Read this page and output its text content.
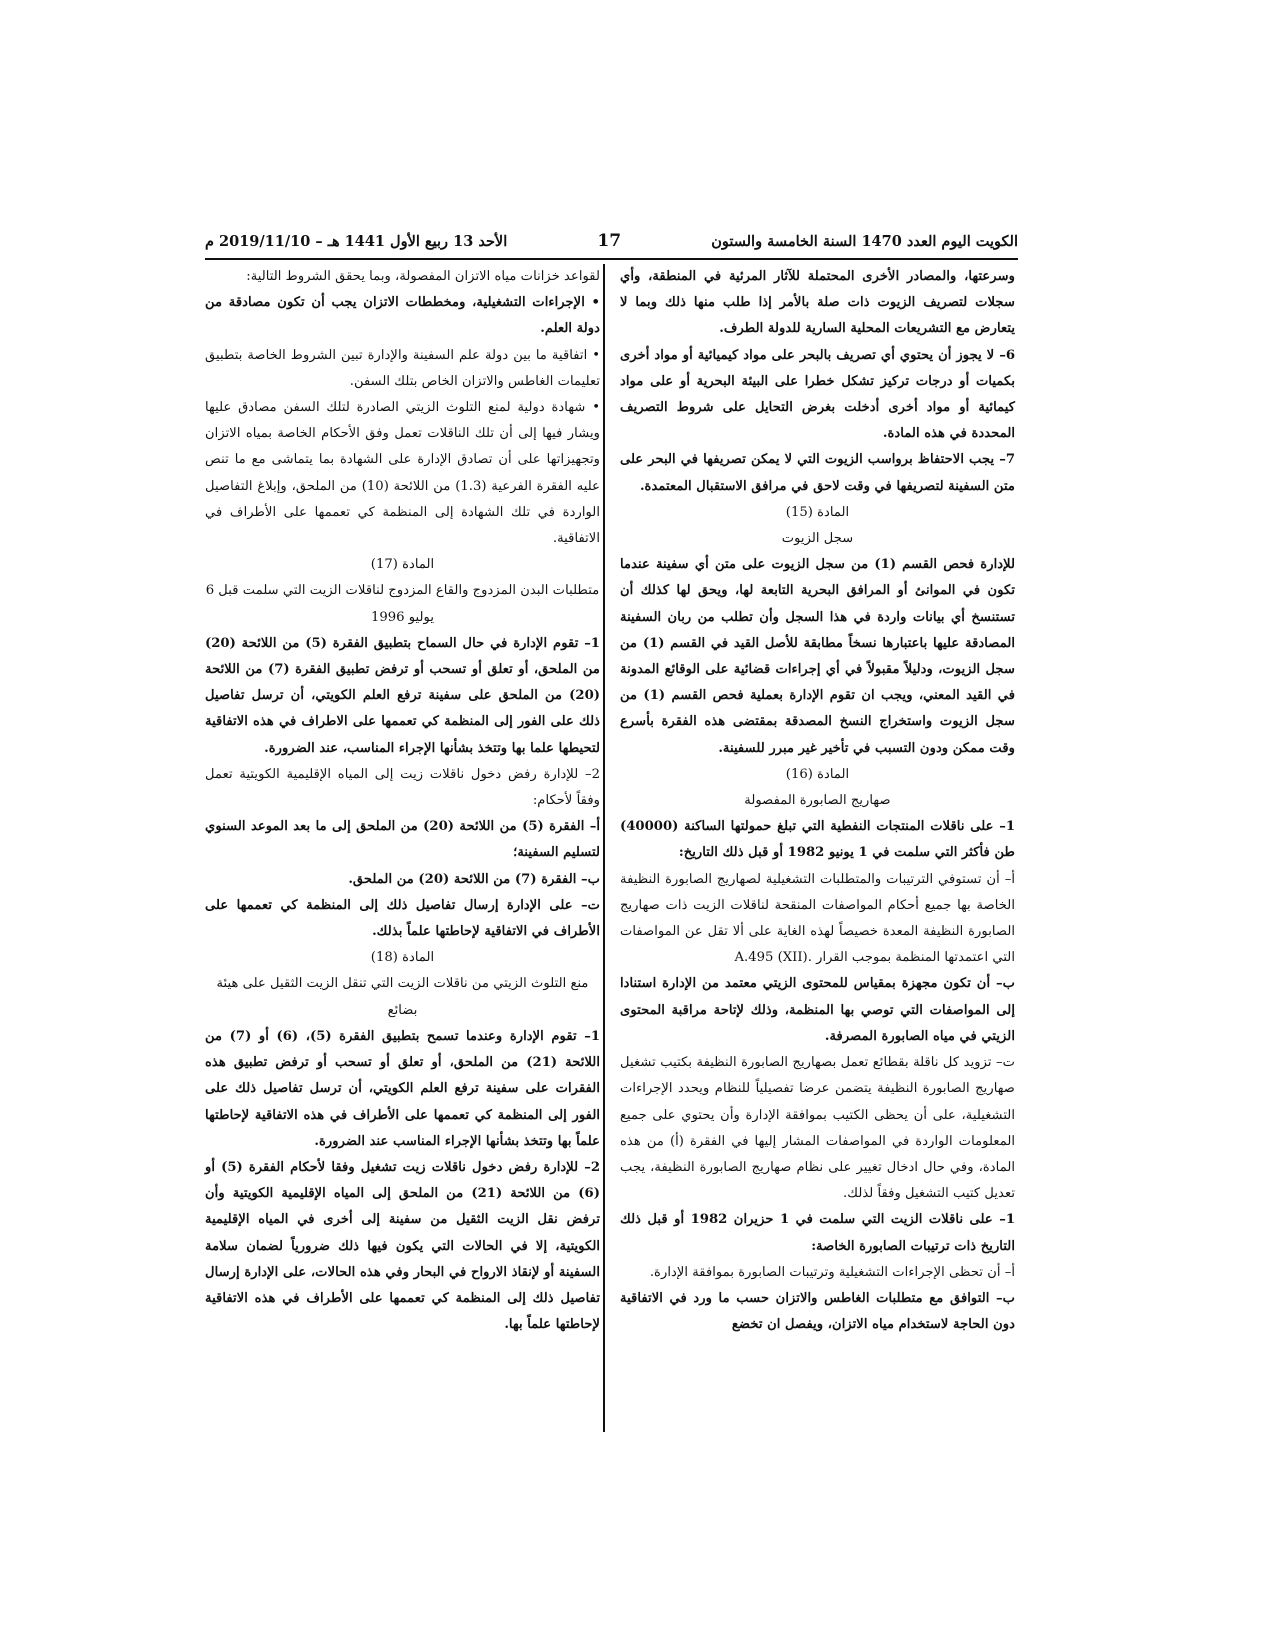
الكويت اليوم العدد 1470 السنة الخامسة والستون
17
الأحد 13 ربيع الأول 1441 هـ – 2019/11/10 م

وسرعتها، والمصادر الأخرى المحتملة للآثار المرئية في المنطقة، وأي سجلات لتصريف الزيوت ذات صلة بالأمر إذا طلب منها ذلك وبما لا يتعارض مع التشريعات المحلية السارية للدولة الطرف.

6– لا يجوز أن يحتوي أي تصريف بالبحر على مواد كيميائية أو مواد أخرى بكميات أو درجات تركيز تشكل خطرا على البيئة البحرية أو على مواد كيمائية أو مواد أخرى أدخلت بغرض التحايل على شروط التصريف المحددة في هذه المادة.

7– يجب الاحتفاظ برواسب الزيوت التي لا يمكن تصريفها في البحر على متن السفينة لتصريفها في وقت لاحق في مرافق الاستقبال المعتمدة.

المادة (15)

سجل الزيوت

للإدارة فحص القسم (1) من سجل الزيوت على متن أي سفينة عندما تكون في الموانئ أو المرافق البحرية التابعة لها، ويحق لها كذلك أن تستنسخ أي بيانات واردة في هذا السجل وأن تطلب من ربان السفينة المصادقة عليها باعتبارها نسخاً مطابقة للأصل القيد في القسم (1) من سجل الزيوت، ودليلاً مقبولاً في أي إجراءات قضائية على الوقائع المدونة في القيد المعني، ويجب ان تقوم الإدارة بعملية فحص القسم (1) من سجل الزيوت واستخراج النسخ المصدقة بمقتضى هذه الفقرة بأسرع وقت ممكن ودون التسبب في تأخير غير مبرر للسفينة.

المادة (16)

صهاريج الصابورة المفصولة

1– على ناقلات المنتجات النفطية التي تبلغ حمولتها الساكنة (40000) طن فأكثر التي سلمت في 1 يونيو 1982 أو قبل ذلك التاريخ:

أ– أن تستوفي الترتيبات والمتطلبات التشغيلية لصهاريج الصابورة النظيفة الخاصة بها جميع أحكام المواصفات المنقحة لناقلات الزيت ذات صهاريج الصابورة النظيفة المعدة خصيصاً لهذه الغاية على ألا تقل عن المواصفات التي اعتمدتها المنظمة بموجب القرار .A.495 (XII)

ب– أن تكون مجهزة بمقياس للمحتوى الزيتي معتمد من الإدارة استنادا إلى المواصفات التي توصي بها المنظمة، وذلك لإتاحة مراقبة المحتوى الزيتي في مياه الصابورة المصرفة.

ت– تزويد كل ناقلة بقطائع تعمل بصهاريج الصابورة النظيفة بكتيب تشغيل صهاريج الصابورة النظيفة يتضمن عرضا تفصيلياً للنظام ويحدد الإجراءات التشغيلية، على أن يحظى الكتيب بموافقة الإدارة وأن يحتوي على جميع المعلومات الواردة في المواصفات المشار إليها في الفقرة (أ) من هذه المادة، وفي حال ادخال تغيير على نظام صهاريج الصابورة النظيفة، يجب تعديل كتيب التشغيل وفقاً لذلك.

1– على ناقلات الزيت التي سلمت في 1 حزيران 1982 أو قبل ذلك التاريخ ذات ترتيبات الصابورة الخاصة:

أ– أن تحظى الإجراءات التشغيلية وترتيبات الصابورة بموافقة الإدارة.

ب– التوافق مع متطلبات الغاطس والاتزان حسب ما ورد في الاتفاقية دون الحاجة لاستخدام مياه الاتزان، ويفصل ان تخضع

لقواعد خزانات مياه الاتزان المفصولة، وبما يحقق الشروط التالية:

• الإجراءات التشغيلية، ومخططات الاتزان يجب أن تكون مصادقة من دولة العلم.

• اتفاقية ما بين دولة علم السفينة والإدارة تبين الشروط الخاصة بتطبيق تعليمات الغاطس والاتزان الخاص بتلك السفن.

• شهادة دولية لمنع التلوث الزيتي الصادرة لتلك السفن مصادق عليها ويشار فيها إلى أن تلك الناقلات تعمل وفق الأحكام الخاصة بمياه الاتزان وتجهيزاتها على أن تصادق الإدارة على الشهادة بما يتماشى مع ما تنص عليه الفقرة الفرعية (1.3) من اللائحة (10) من الملحق، وإبلاغ التفاصيل الواردة في تلك الشهادة إلى المنظمة كي تعممها على الأطراف في الاتفاقية.

المادة (17)

متطلبات البدن المزدوج والقاع المزدوج لناقلات الزيت التي سلمت قبل 6 يوليو 1996

1– تقوم الإدارة في حال السماح بتطبيق الفقرة (5) من اللائحة (20) من الملحق، أو تعلق أو تسحب أو ترفض تطبيق الفقرة (7) من اللائحة (20) من الملحق على سفينة ترفع العلم الكويتي، أن ترسل تفاصيل ذلك على الفور إلى المنظمة كي تعممها على الاطراف في هذه الاتفاقية لتحيطها علما بها وتتخذ بشأنها الإجراء المناسب، عند الضرورة.

2– للإدارة رفض دخول ناقلات زيت إلى المياه الإقليمية الكويتية تعمل وفقاً لأحكام:

أ– الفقرة (5) من اللائحة (20) من الملحق إلى ما بعد الموعد السنوي لتسليم السفينة؛

ب– الفقرة (7) من اللائحة (20) من الملحق.

ت– على الإدارة إرسال تفاصيل ذلك إلى المنظمة كي تعممها على الأطراف في الاتفاقية لإحاطتها علماً بذلك.

المادة (18)

منع التلوث الزيتي من ناقلات الزيت التي تنقل الزيت الثقيل على هيئة بضائع

1– تقوم الإدارة وعندما تسمح بتطبيق الفقرة (5)، (6) أو (7) من اللائحة (21) من الملحق، أو تعلق أو تسحب أو ترفض تطبيق هذه الفقرات على سفينة ترفع العلم الكويتي، أن ترسل تفاصيل ذلك على الفور إلى المنظمة كي تعممها على الأطراف في هذه الاتفاقية لإحاطتها علماً بها وتتخذ بشأنها الإجراء المناسب عند الضرورة.

2– للإدارة رفض دخول ناقلات زيت تشغيل وفقا لأحكام الفقرة (5) أو (6) من اللائحة (21) من الملحق إلى المياه الإقليمية الكويتية وأن ترفض نقل الزيت الثقيل من سفينة إلى أخرى في المياه الإقليمية الكويتية، إلا في الحالات التي يكون فيها ذلك ضرورياً لضمان سلامة السفينة أو لإنقاذ الارواح في البحار وفي هذه الحالات، على الإدارة إرسال تفاصيل ذلك إلى المنظمة كي تعممها على الأطراف في هذه الاتفاقية لإحاطتها علماً بها.
